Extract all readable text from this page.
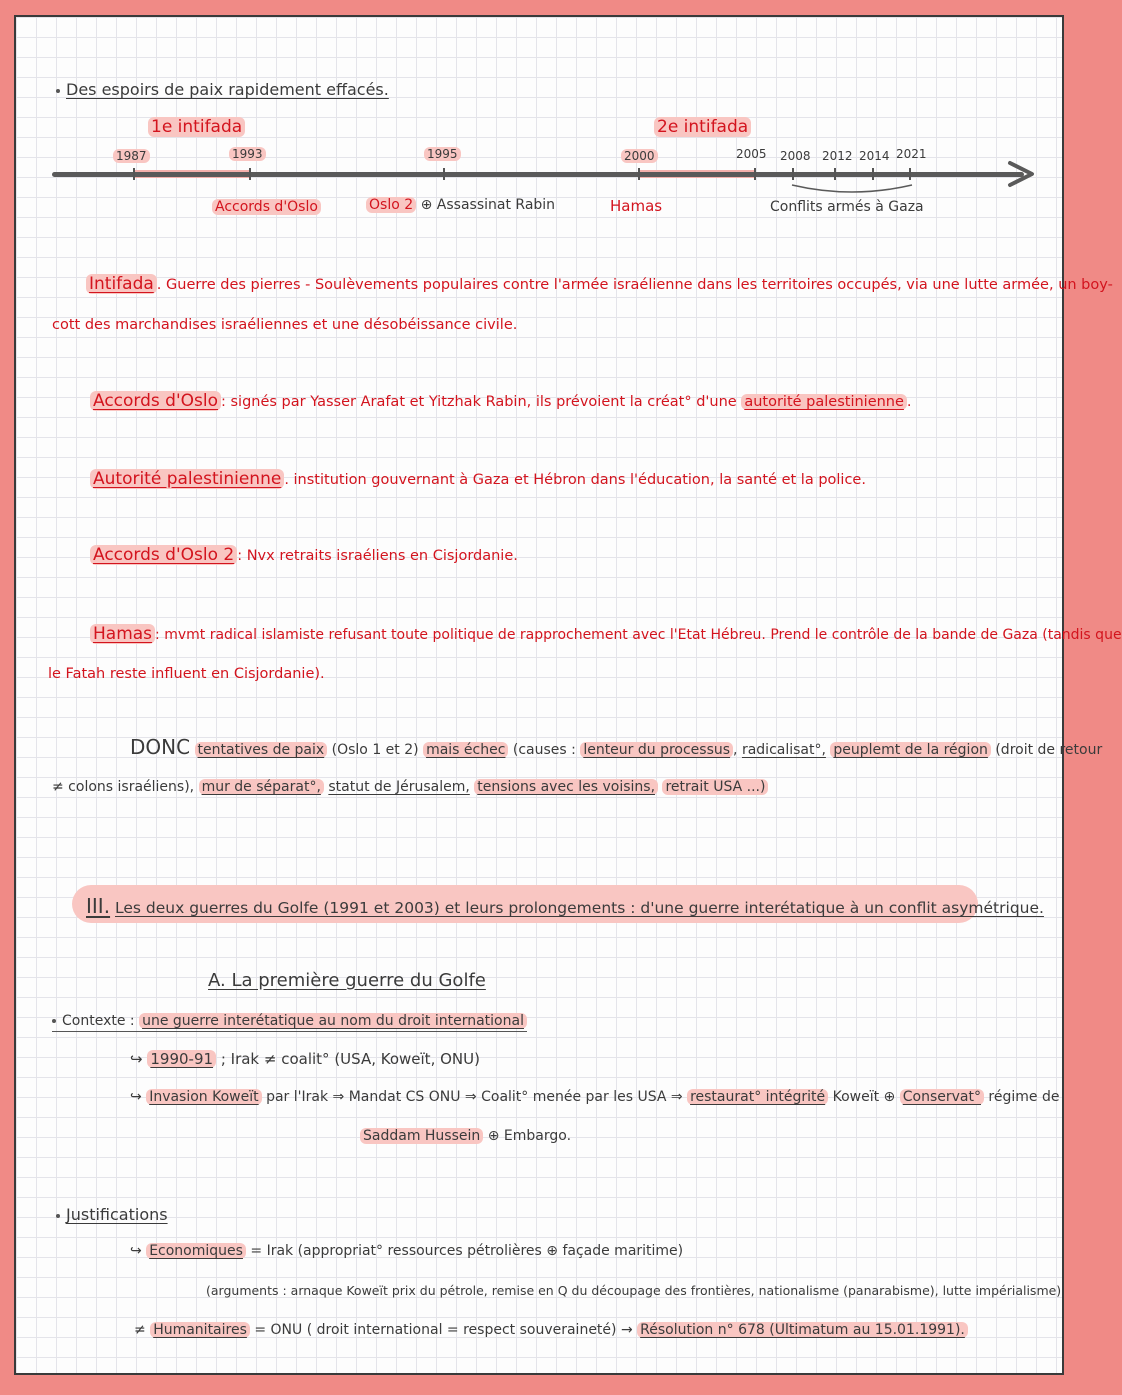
Des espoirs de paix rapidement effacés.
1e intifada	2e intifada
1987	1993	1995	2000	2005 2008 2012 2014 2021
Accords d'Oslo	Oslo 2 ⊕ Assassinat Rabin	Hamas	Conflits armés à Gaza
Intifada . Guerre des pierres - Soulèvements populaires contre l'armée israélienne dans les territoires occupés, via une lutte armée, un boy-
cott des marchandises israéliennes et une désobéissance civile.
Accords d'Oslo : signés par Yasser Arafat et Yitzhak Rabin, ils prévoient la créat° d'une autorité palestinienne .
Autorité palestinienne . institution gouvernant à Gaza et Hébron dans l'éducation, la santé et la police.
Accords d'Oslo 2 : Nvx retraits israéliens en Cisjordanie.
Hamas : mvmt radical islamiste refusant toute politique de rapprochement avec l'Etat Hébreu. Prend le contrôle de la bande de Gaza (tandis que
le Fatah reste influent en Cisjordanie).
DONC tentatives de paix (Oslo 1 et 2) mais échec (causes : lenteur du processus , radicalisat°, peuplemt de la région (droit de retour
≠ colons israéliens), mur de séparat°, statut de Jérusalem, tensions avec les voisins, retrait USA ...)
III. Les deux guerres du Golfe (1991 et 2003) et leurs prolongements : d'une guerre interétatique à un conflit asymétrique.
A. La première guerre du Golfe
Contexte : une guerre interétatique au nom du droit international
↪ 1990-91 ; Irak ≠ coalit° (USA, Koweït, ONU)
↪ Invasion Koweït par l'Irak ⇒ Mandat CS ONU ⇒ Coalit° menée par les USA ⇒ restaurat° intégrité Koweït ⊕ Conservat° régime de
Saddam Hussein ⊕ Embargo.
Justifications
↪ Economiques = Irak (appropriat° ressources pétrolières ⊕ façade maritime)
(arguments : arnaque Koweït prix du pétrole, remise en Q du découpage des frontières, nationalisme (panarabisme), lutte impérialisme)
≠ Humanitaires = ONU ( droit international = respect souveraineté) → Résolution n° 678 (Ultimatum au 15.01.1991).
